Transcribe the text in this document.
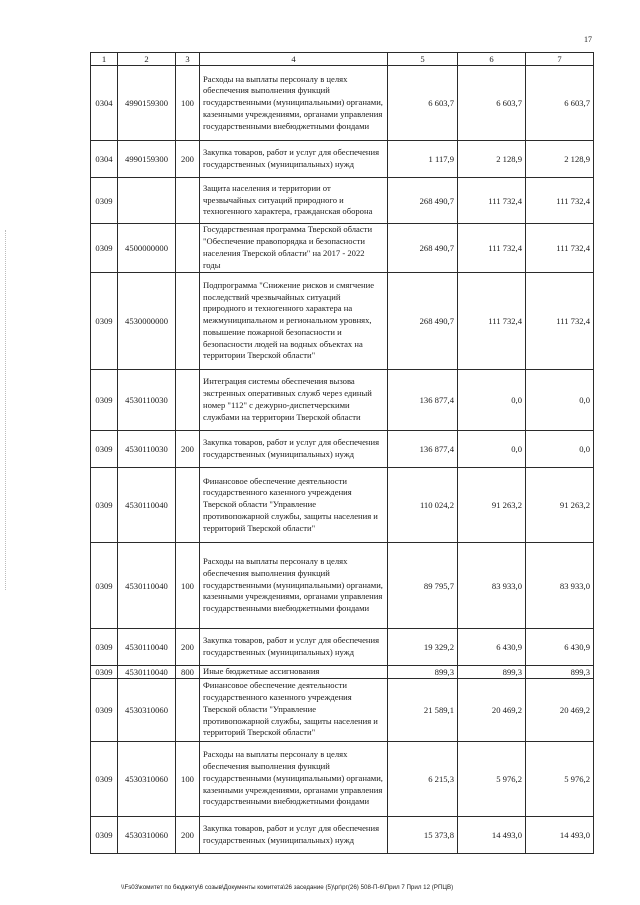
17
1	2	3	4	5	6	7
0304	4990159300	100	Расходы на выплаты персоналу в целях обеспечения выполнения функций государственными (муниципальными) органами, казенными учреждениями, органами управления государственными внебюджетными фондами	6 603,7	6 603,7	6 603,7
0304	4990159300	200	Закупка товаров, работ и услуг для обеспечения государственных (муниципальных) нужд	1 117,9	2 128,9	2 128,9
0309			Защита населения и территории от чрезвычайных ситуаций природного и техногенного характера, гражданская оборона	268 490,7	111 732,4	111 732,4
0309	4500000000		Государственная программа Тверской области "Обеспечение правопорядка и безопасности населения Тверской области" на 2017 - 2022 годы	268 490,7	111 732,4	111 732,4
0309	4530000000		Подпрограмма "Снижение рисков и смягчение последствий чрезвычайных ситуаций природного и техногенного характера на межмуниципальном и региональном уровнях, повышение пожарной безопасности и безопасности людей на водных объектах на территории Тверской области"	268 490,7	111 732,4	111 732,4
0309	4530110030		Интеграция системы обеспечения вызова экстренных оперативных служб через единый номер "112" с дежурно-диспетчерскими службами на территории Тверской области	136 877,4	0,0	0,0
0309	4530110030	200	Закупка товаров, работ и услуг для обеспечения государственных (муниципальных) нужд	136 877,4	0,0	0,0
0309	4530110040		Финансовое обеспечение деятельности государственного казенного учреждения Тверской области "Управление противопожарной службы, защиты населения и территорий Тверской области"	110 024,2	91 263,2	91 263,2
0309	4530110040	100	Расходы на выплаты персоналу в целях обеспечения выполнения функций государственными (муниципальными) органами, казенными учреждениями, органами управления государственными внебюджетными фондами	89 795,7	83 933,0	83 933,0
0309	4530110040	200	Закупка товаров, работ и услуг для обеспечения государственных (муниципальных) нужд	19 329,2	6 430,9	6 430,9
0309	4530110040	800	Иные бюджетные ассигнования	899,3	899,3	899,3
0309	4530310060		Финансовое обеспечение деятельности государственного казенного учреждения Тверской области "Управление противопожарной службы, защиты населения и территорий Тверской области"	21 589,1	20 469,2	20 469,2
0309	4530310060	100	Расходы на выплаты персоналу в целях обеспечения выполнения функций государственными (муниципальными) органами, казенными учреждениями, органами управления государственными внебюджетными фондами	6 215,3	5 976,2	5 976,2
0309	4530310060	200	Закупка товаров, работ и услуг для обеспечения государственных (муниципальных) нужд	15 373,8	14 493,0	14 493,0
\\Fs03\комитет по бюджету\6 созыв\Документы комитета\26 заседание (5)\рг\рг(26) 508-П-6\Прил 7 Прил 12 (РПЦВ)
